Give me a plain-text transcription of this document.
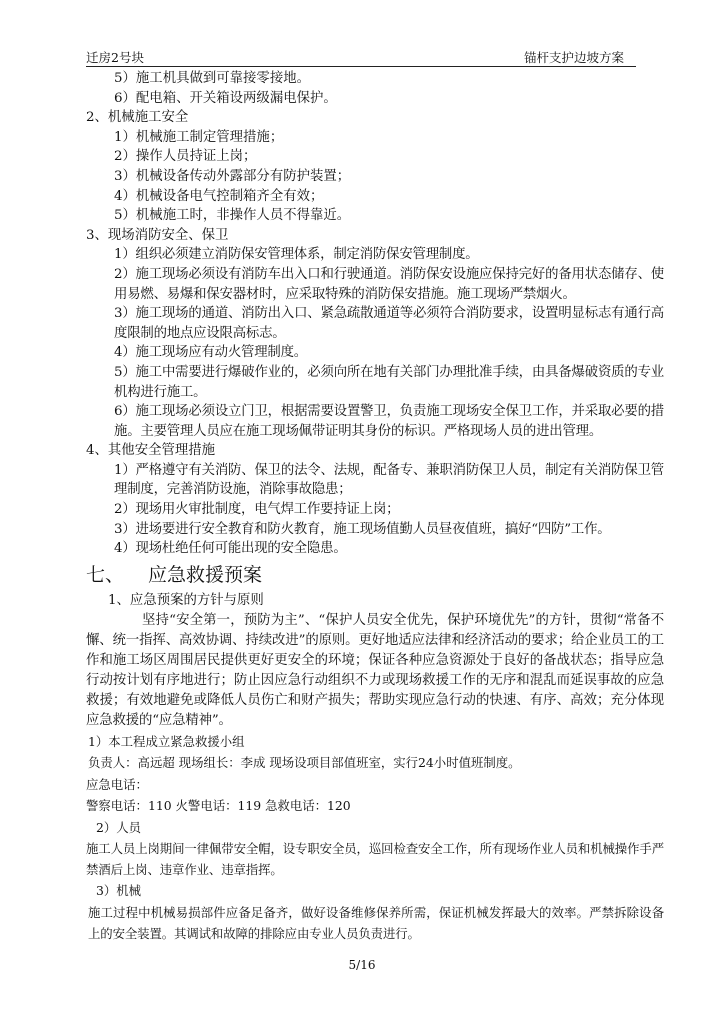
迁房2号块	锚杆支护边坡方案
5）施工机具做到可靠接零接地。
6）配电箱、开关箱设两级漏电保护。
2、机械施工安全
1）机械施工制定管理措施；
2）操作人员持证上岗；
3）机械设备传动外露部分有防护装置；
4）机械设备电气控制箱齐全有效；
5）机械施工时，非操作人员不得靠近。
3、现场消防安全、保卫
1）组织必须建立消防保安管理体系，制定消防保安管理制度。
2）施工现场必须设有消防车出入口和行驶通道。消防保安设施应保持完好的备用状态储存、使用易燃、易爆和保安器材时，应采取特殊的消防保安措施。施工现场严禁烟火。
3）施工现场的通道、消防出入口、紧急疏散通道等必须符合消防要求，设置明显标志有通行高度限制的地点应设限高标志。
4）施工现场应有动火管理制度。
5）施工中需要进行爆破作业的，必须向所在地有关部门办理批准手续，由具备爆破资质的专业机构进行施工。
6）施工现场必须设立门卫，根据需要设置警卫，负责施工现场安全保卫工作，并采取必要的措施。主要管理人员应在施工现场佩带证明其身份的标识。严格现场人员的进出管理。
4、其他安全管理措施
1）严格遵守有关消防、保卫的法令、法规，配备专、兼职消防保卫人员，制定有关消防保卫管理制度，完善消防设施，消除事故隐患；
2）现场用火审批制度，电气焊工作要持证上岗；
3）进场要进行安全教育和防火教育，施工现场值勤人员昼夜值班，搞好“四防”工作。
4）现场杜绝任何可能出现的安全隐患。
七、 应急救援预案
1、应急预案的方针与原则
坚持“安全第一，预防为主”、“保护人员安全优先，保护环境优先”的方针，贯彻“常备不懈、统一指挥、高效协调、持续改进”的原则。更好地适应法律和经济活动的要求；给企业员工的工作和施工场区周围居民提供更好更安全的环境；保证各种应急资源处于良好的备战状态；指导应急行动按计划有序地进行；防止因应急行动组织不力或现场救援工作的无序和混乱而延误事故的应急救援；有效地避免或降低人员伤亡和财产损失；帮助实现应急行动的快速、有序、高效；充分体现应急救援的“应急精神”。
1）本工程成立紧急救援小组
负责人：高远超 现场组长：李成 现场设项目部值班室，实行24小时值班制度。
应急电话：
警察电话：110 火警电话：119 急救电话：120
2）人员
施工人员上岗期间一律佩带安全帽，设专职安全员，巡回检查安全工作，所有现场作业人员和机械操作手严禁酒后上岗、违章作业、违章指挥。
3）机械
施工过程中机械易损部件应备足备齐，做好设备维修保养所需，保证机械发挥最大的效率。严禁拆除设备上的安全装置。其调试和故障的排除应由专业人员负责进行。
5/16
